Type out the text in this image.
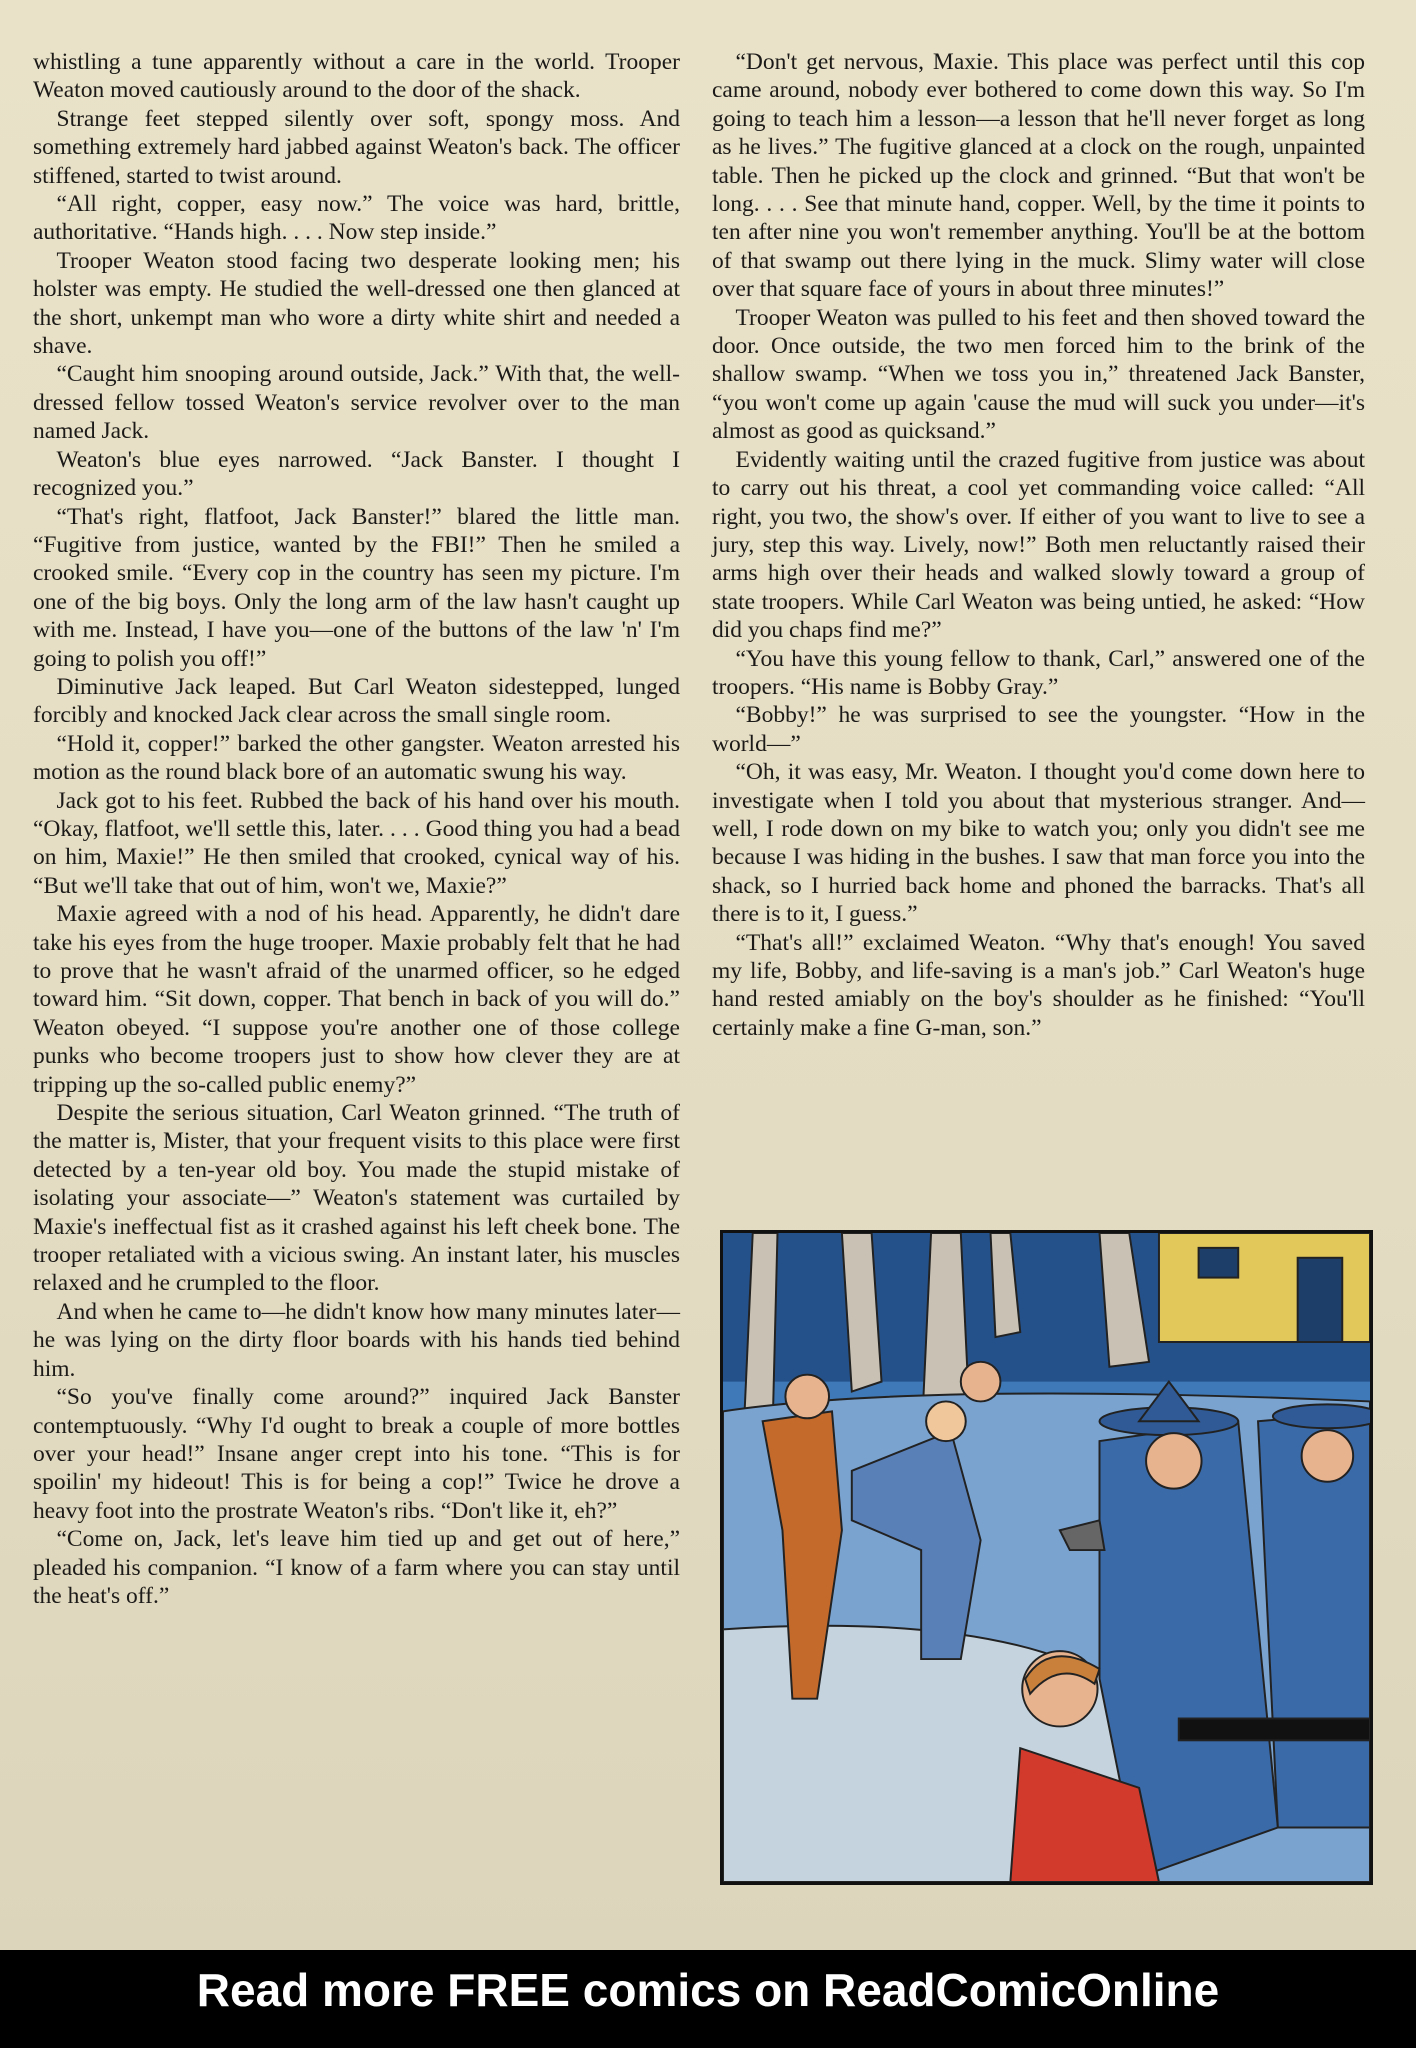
whistling a tune apparently without a care in the world. Trooper Weaton moved cautiously around to the door of the shack.

Strange feet stepped silently over soft, spongy moss. And something extremely hard jabbed against Weaton's back. The officer stiffened, started to twist around.

“All right, copper, easy now.” The voice was hard, brittle, authoritative. “Hands high. . . . Now step inside.”

Trooper Weaton stood facing two desperate looking men; his holster was empty. He studied the well-dressed one then glanced at the short, unkempt man who wore a dirty white shirt and needed a shave.

“Caught him snooping around outside, Jack.” With that, the well-dressed fellow tossed Weaton's service revolver over to the man named Jack.

Weaton's blue eyes narrowed. “Jack Banster. I thought I recognized you.”

“That's right, flatfoot, Jack Banster!” blared the little man. “Fugitive from justice, wanted by the FBI!” Then he smiled a crooked smile. “Every cop in the country has seen my picture. I'm one of the big boys. Only the long arm of the law hasn't caught up with me. Instead, I have you—one of the buttons of the law 'n' I'm going to polish you off!”

Diminutive Jack leaped. But Carl Weaton sidestepped, lunged forcibly and knocked Jack clear across the small single room.

“Hold it, copper!” barked the other gangster. Weaton arrested his motion as the round black bore of an automatic swung his way.

Jack got to his feet. Rubbed the back of his hand over his mouth. “Okay, flatfoot, we'll settle this, later. . . . Good thing you had a bead on him, Maxie!” He then smiled that crooked, cynical way of his. “But we'll take that out of him, won't we, Maxie?”

Maxie agreed with a nod of his head. Apparently, he didn't dare take his eyes from the huge trooper. Maxie probably felt that he had to prove that he wasn't afraid of the unarmed officer, so he edged toward him. “Sit down, copper. That bench in back of you will do.” Weaton obeyed. “I suppose you're another one of those college punks who become troopers just to show how clever they are at tripping up the so-called public enemy?”

Despite the serious situation, Carl Weaton grinned. “The truth of the matter is, Mister, that your frequent visits to this place were first detected by a ten-year old boy. You made the stupid mistake of isolating your associate—” Weaton's statement was curtailed by Maxie's ineffectual fist as it crashed against his left cheek bone. The trooper retaliated with a vicious swing. An instant later, his muscles relaxed and he crumpled to the floor.

And when he came to—he didn't know how many minutes later—he was lying on the dirty floor boards with his hands tied behind him.

“So you've finally come around?” inquired Jack Banster contemptuously. “Why I'd ought to break a couple of more bottles over your head!” Insane anger crept into his tone. “This is for spoilin' my hideout! This is for being a cop!” Twice he drove a heavy foot into the prostrate Weaton's ribs. “Don't like it, eh?”

“Come on, Jack, let's leave him tied up and get out of here,” pleaded his companion. “I know of a farm where you can stay until the heat's off.”

“Don't get nervous, Maxie. This place was perfect until this cop came around, nobody ever bothered to come down this way. So I'm going to teach him a lesson—a lesson that he'll never forget as long as he lives.” The fugitive glanced at a clock on the rough, unpainted table. Then he picked up the clock and grinned. “But that won't be long. . . . See that minute hand, copper. Well, by the time it points to ten after nine you won't remember anything. You'll be at the bottom of that swamp out there lying in the muck. Slimy water will close over that square face of yours in about three minutes!”

Trooper Weaton was pulled to his feet and then shoved toward the door. Once outside, the two men forced him to the brink of the shallow swamp. “When we toss you in,” threatened Jack Banster, “you won't come up again 'cause the mud will suck you under—it's almost as good as quicksand.”

Evidently waiting until the crazed fugitive from justice was about to carry out his threat, a cool yet commanding voice called: “All right, you two, the show's over. If either of you want to live to see a jury, step this way. Lively, now!” Both men reluctantly raised their arms high over their heads and walked slowly toward a group of state troopers. While Carl Weaton was being untied, he asked: “How did you chaps find me?”

“You have this young fellow to thank, Carl,” answered one of the troopers. “His name is Bobby Gray.”

“Bobby!” he was surprised to see the youngster. “How in the world—”

“Oh, it was easy, Mr. Weaton. I thought you'd come down here to investigate when I told you about that mysterious stranger. And—well, I rode down on my bike to watch you; only you didn't see me because I was hiding in the bushes. I saw that man force you into the shack, so I hurried back home and phoned the barracks. That's all there is to it, I guess.”

“That's all!” exclaimed Weaton. “Why that's enough! You saved my life, Bobby, and life-saving is a man's job.” Carl Weaton's huge hand rested amiably on the boy's shoulder as he finished: “You'll certainly make a fine G-man, son.”

Read more FREE comics on ReadComicOnline
